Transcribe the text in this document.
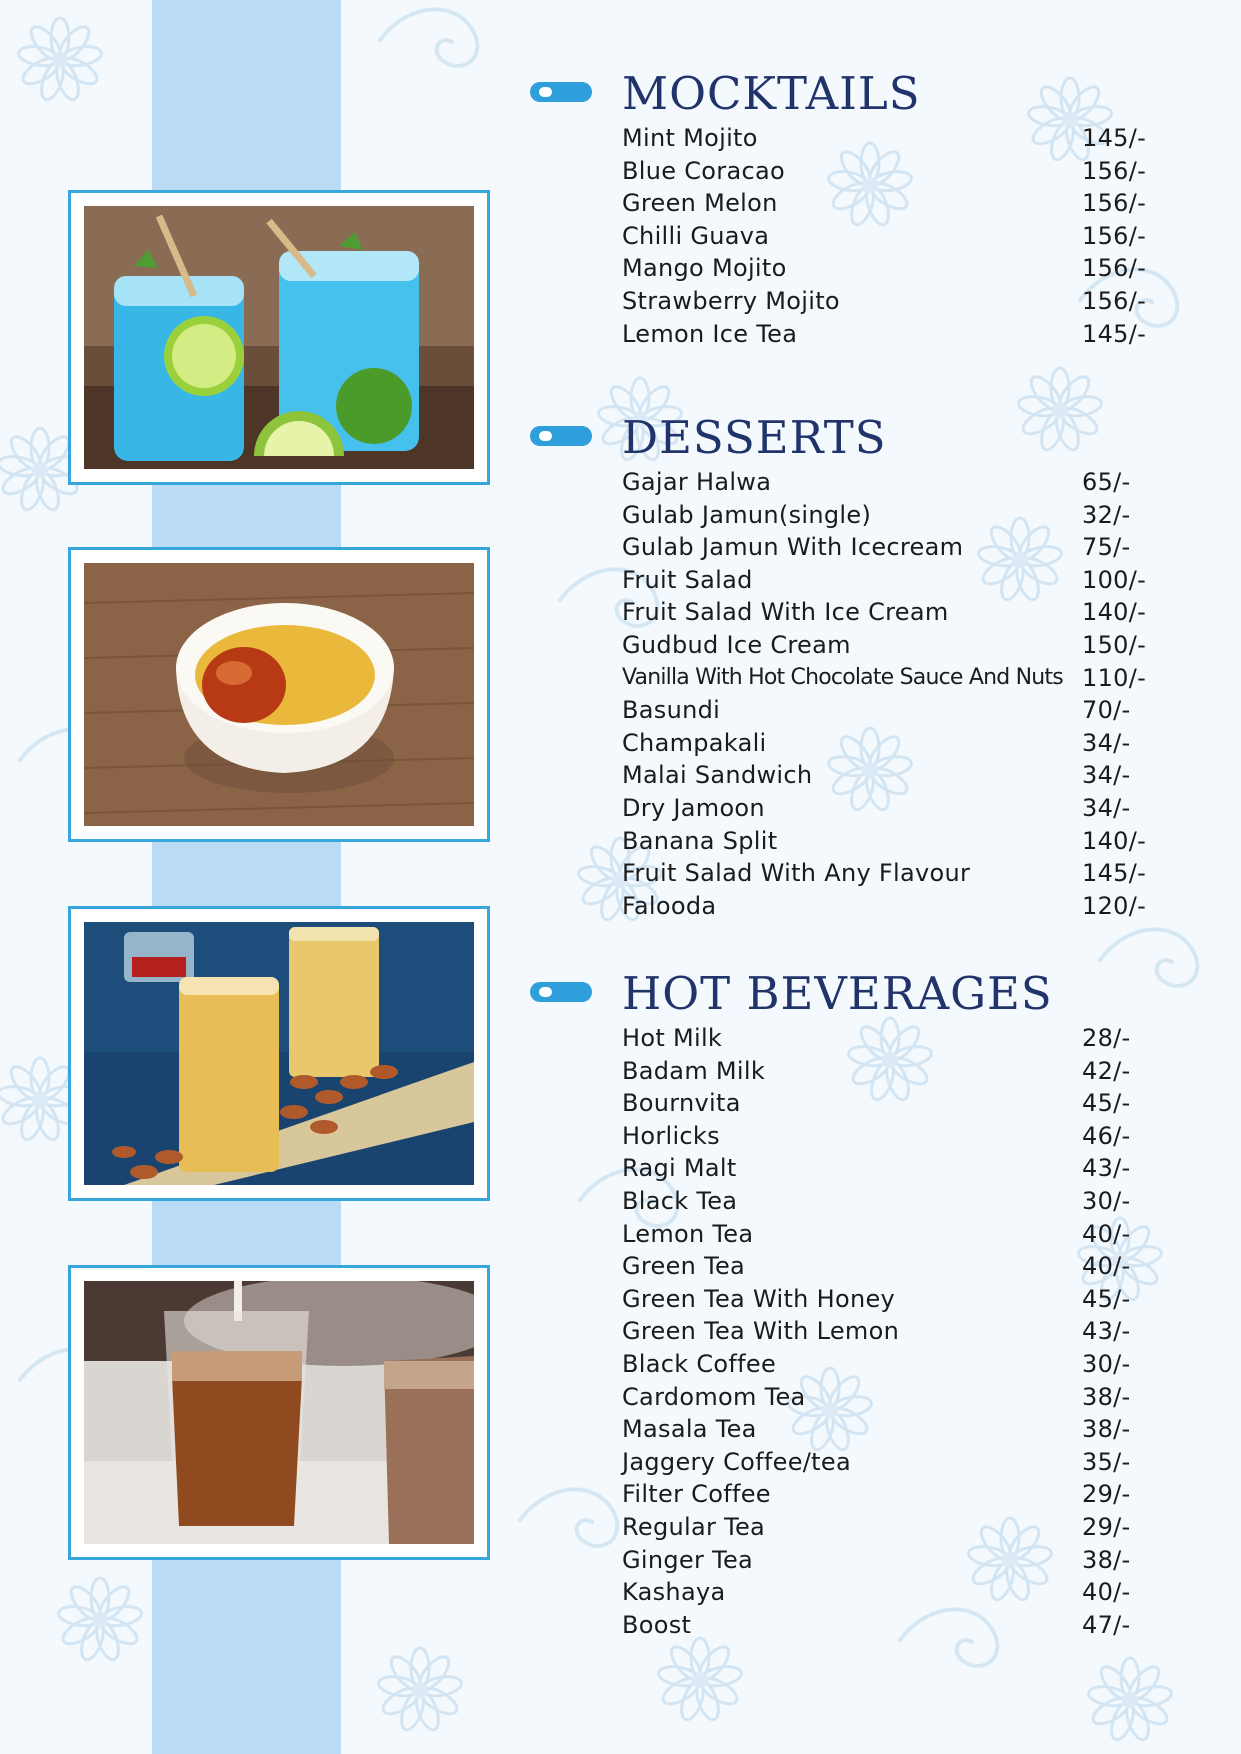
MOCKTAILS
Mint Mojito	145/-
Blue Coracao	156/-
Green Melon	156/-
Chilli Guava	156/-
Mango Mojito	156/-
Strawberry Mojito	156/-
Lemon Ice Tea	145/-
DESSERTS
Gajar Halwa	65/-
Gulab Jamun(single)	32/-
Gulab Jamun With Icecream	75/-
Fruit Salad	100/-
Fruit Salad With Ice Cream	140/-
Gudbud Ice Cream	150/-
Vanilla With Hot Chocolate Sauce And Nuts 110/-
Basundi	70/-
Champakali	34/-
Malai Sandwich	34/-
Dry Jamoon	34/-
Banana Split	140/-
Fruit Salad With Any Flavour	145/-
Falooda	120/-
HOT BEVERAGES
Hot Milk	28/-
Badam Milk	42/-
Bournvita	45/-
Horlicks	46/-
Ragi Malt	43/-
Black Tea	30/-
Lemon Tea	40/-
Green Tea	40/-
Green Tea With Honey	45/-
Green Tea With Lemon	43/-
Black Coffee	30/-
Cardomom Tea	38/-
Masala Tea	38/-
Jaggery Coffee/tea	35/-
Filter Coffee	29/-
Regular Tea	29/-
Ginger Tea	38/-
Kashaya	40/-
Boost	47/-
